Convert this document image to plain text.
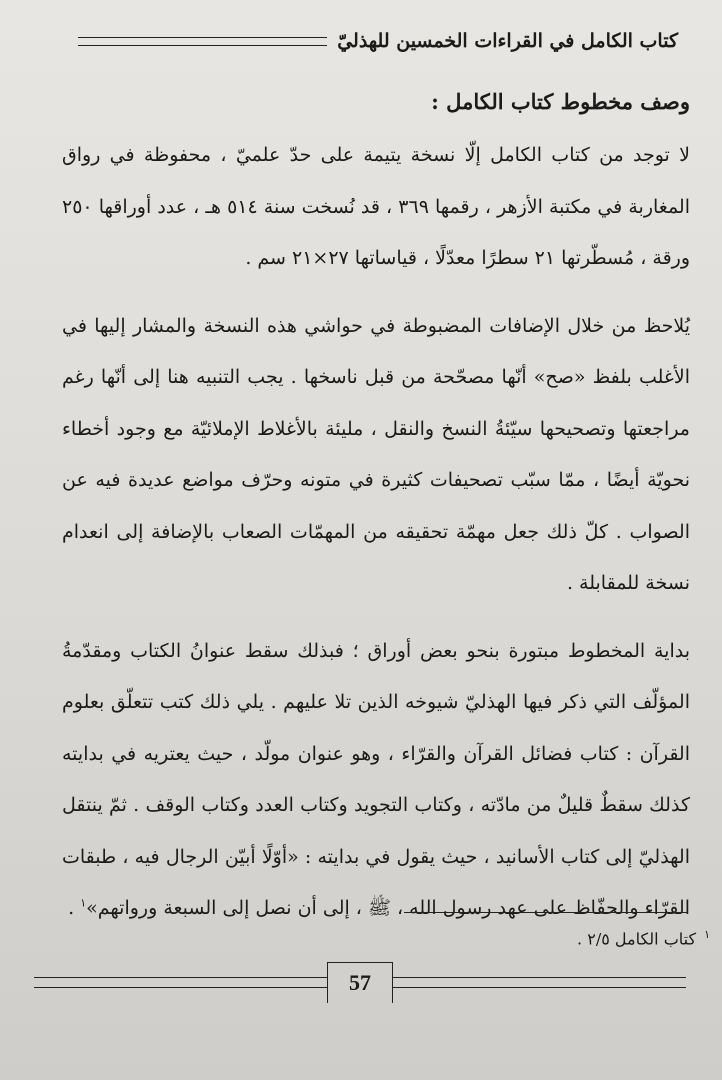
كتاب الكامل في القراءات الخمسين للهذليّ
وصف مخطوط كتاب الكامل :

لا توجد من كتاب الكامل إلّا نسخة يتيمة على حدّ علميّ ، محفوظة في رواق المغاربة في مكتبة الأزهر ، رقمها ٣٦٩ ، قد نُسخت سنة ٥١٤ هـ ، عدد أوراقها ٢٥٠ ورقة ، مُسطّرتها ٢١ سطرًا معدّلًا ، قياساتها ٢٧×٢١ سم .

يُلاحظ من خلال الإضافات المضبوطة في حواشي هذه النسخة والمشار إليها في الأغلب بلفظ «صح» أنّها مصحّحة من قبل ناسخها . يجب التنبيه هنا إلى أنّها رغم مراجعتها وتصحيحها سيّئةُ النسخ والنقل ، مليئة بالأغلاط الإملائيّة مع وجود أخطاء نحويّة أيضًا ، ممّا سبّب تصحيفات كثيرة في متونه وحرّف مواضع عديدة فيه عن الصواب . كلّ ذلك جعل مهمّة تحقيقه من المهمّات الصعاب بالإضافة إلى انعدام نسخة للمقابلة .

بداية المخطوط مبتورة بنحو بعض أوراق ؛ فبذلك سقط عنوانُ الكتاب ومقدّمةُ المؤلّف التي ذكر فيها الهذليّ شيوخه الذين تلا عليهم . يلي ذلك كتب تتعلّق بعلوم القرآن : كتاب فضائل القرآن والقرّاء ، وهو عنوان مولّد ، حيث يعتريه في بدايته كذلك سقطٌ قليلٌ من مادّته ، وكتاب التجويد وكتاب العدد وكتاب الوقف . ثمّ ينتقل الهذليّ إلى كتاب الأسانيد ، حيث يقول في بدايته : «أوّلًا أبيّن الرجال فيه ، طبقات القرّاء والحفّاظ على عهد رسول الله ، ﷺ ، إلى أن نصل إلى السبعة ورواتهم»$^١$ .

$^١$كتاب الكامل ٢/٥ .
57
